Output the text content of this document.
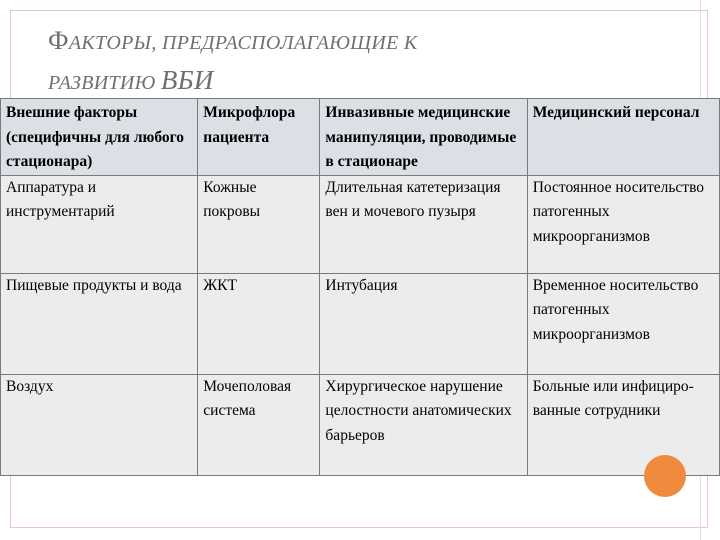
ФАКТОРЫ, ПРЕДРАСПОЛАГАЮЩИЕ К
РАЗВИТИЮ ВБИ
Внешние факторы (специфичны для любого стационара)	Микрофлора пациента	Инвазивные медицинские манипуляции, проводимые в стационаре	Медицинский персонал
Аппаратура и инструментарий	Кожные покровы	Длительная катетеризация вен и мочевого пузыря	Постоянное носительство патогенных микроорганизмов
Пищевые продукты и вода	ЖКТ	Интубация	Временное носительство патогенных микроорганизмов
Воздух	Мочеполовая система	Хирургическое нарушение целостности анатомических барьеров	Больные или инфициро-ванные сотрудники
